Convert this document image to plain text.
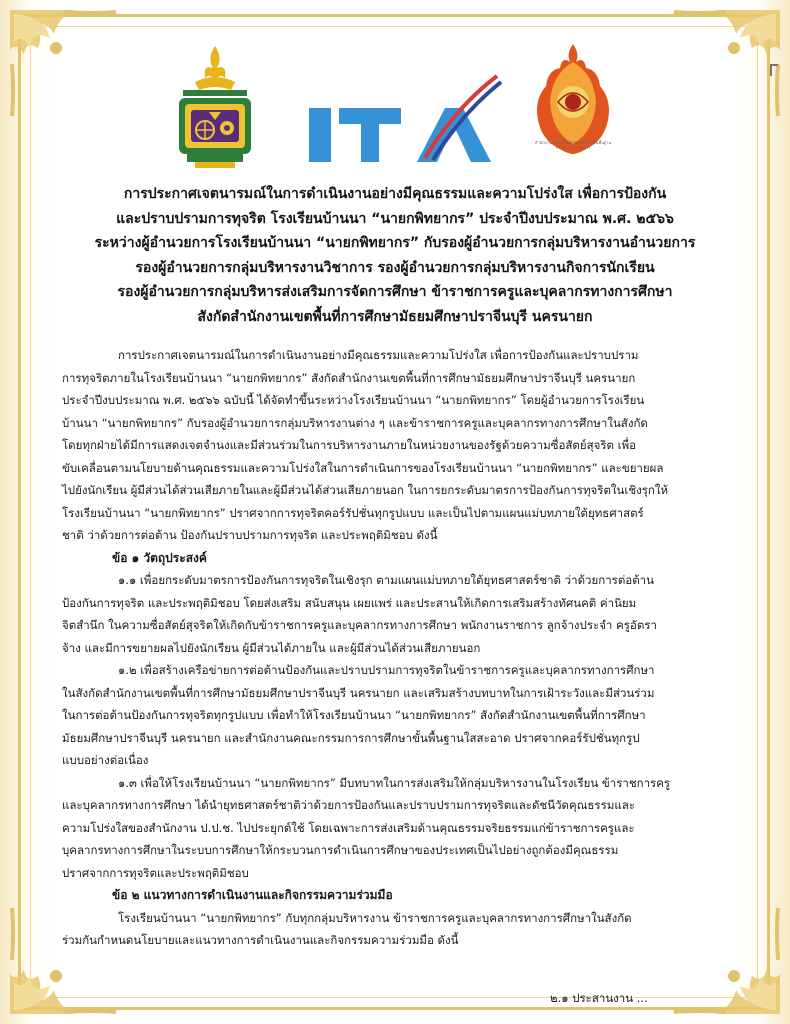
สำนักงานคณะกรรมการการศึกษาขั้นพื้นฐาน กระทรวงศึกษาธิการ
การประกาศเจตนารมณ์ในการดำเนินงานอย่างมีคุณธรรมและความโปร่งใส เพื่อการป้องกัน
และปราบปรามการทุจริต โรงเรียนบ้านนา “นายกพิทยากร” ประจำปีงบประมาณ พ.ศ. ๒๕๖๖
ระหว่างผู้อำนวยการโรงเรียนบ้านนา “นายกพิทยากร” กับรองผู้อำนวยการกลุ่มบริหารงานอำนวยการ
รองผู้อำนวยการกลุ่มบริหารงานวิชาการ รองผู้อำนวยการกลุ่มบริหารงานกิจการนักเรียน
รองผู้อำนวยการกลุ่มบริหารส่งเสริมการจัดการศึกษา ข้าราชการครูและบุคลากรทางการศึกษา
สังกัดสำนักงานเขตพื้นที่การศึกษามัธยมศึกษาปราจีนบุรี นครนายก

การประกาศเจตนารมณ์ในการดำเนินงานอย่างมีคุณธรรมและความโปร่งใส เพื่อการป้องกันและปราบปราม

การทุจริตภายในโรงเรียนบ้านนา “นายกพิทยากร” สังกัดสำนักงานเขตพื้นที่การศึกษามัธยมศึกษาปราจีนบุรี นครนายก

ประจำปีงบประมาณ พ.ศ. ๒๕๖๖ ฉบับนี้ ได้จัดทำขึ้นระหว่างโรงเรียนบ้านนา “นายกพิทยากร” โดยผู้อำนวยการโรงเรียน

บ้านนา “นายกพิทยากร” กับรองผู้อำนวยการกลุ่มบริหารงานต่าง ๆ และข้าราชการครูและบุคลากรทางการศึกษาในสังกัด

โดยทุกฝ่ายได้มีการแสดงเจตจำนงและมีส่วนร่วมในการบริหารงานภายในหน่วยงานของรัฐด้วยความซื่อสัตย์สุจริต เพื่อ

ขับเคลื่อนตามนโยบายด้านคุณธรรมและความโปร่งใสในการดำเนินการของโรงเรียนบ้านนา “นายกพิทยากร” และขยายผล

ไปยังนักเรียน ผู้มีส่วนได้ส่วนเสียภายในและผู้มีส่วนได้ส่วนเสียภายนอก ในการยกระดับมาตรการป้องกันการทุจริตในเชิงรุกให้

โรงเรียนบ้านนา “นายกพิทยากร” ปราศจากการทุจริตคอร์รัปชั่นทุกรูปแบบ และเป็นไปตามแผนแม่บทภายใต้ยุทธศาสตร์

ชาติ ว่าด้วยการต่อต้าน ป้องกันปราบปรามการทุจริต และประพฤติมิชอบ ดังนี้

ข้อ ๑ วัตถุประสงค์

๑.๑ เพื่อยกระดับมาตรการป้องกันการทุจริตในเชิงรุก ตามแผนแม่บทภายใต้ยุทธศาสตร์ชาติ ว่าด้วยการต่อต้าน

ป้องกันการทุจริต และประพฤติมิชอบ โดยส่งเสริม สนับสนุน เผยแพร่ และประสานให้เกิดการเสริมสร้างทัศนคติ ค่านิยม

จิตสำนึก ในความซื่อสัตย์สุจริตให้เกิดกับข้าราชการครูและบุคลากรทางการศึกษา พนักงานราชการ ลูกจ้างประจำ ครูอัตรา

จ้าง และมีการขยายผลไปยังนักเรียน ผู้มีส่วนได้ภายใน และผู้มีส่วนได้ส่วนเสียภายนอก

๑.๒ เพื่อสร้างเครือข่ายการต่อต้านป้องกันและปราบปรามการทุจริตในข้าราชการครูและบุคลากรทางการศึกษา

ในสังกัดสำนักงานเขตพื้นที่การศึกษามัธยมศึกษาปราจีนบุรี นครนายก และเสริมสร้างบทบาทในการเฝ้าระวังและมีส่วนร่วม

ในการต่อต้านป้องกันการทุจริตทุกรูปแบบ เพื่อทำให้โรงเรียนบ้านนา “นายกพิทยากร” สังกัดสำนักงานเขตพื้นที่การศึกษา

มัธยมศึกษาปราจีนบุรี นครนายก และสำนักงานคณะกรรมการการศึกษาขั้นพื้นฐานใสสะอาด ปราศจากคอร์รัปชั่นทุกรูป

แบบอย่างต่อเนื่อง

๑.๓ เพื่อให้โรงเรียนบ้านนา “นายกพิทยากร” มีบทบาทในการส่งเสริมให้กลุ่มบริหารงานในโรงเรียน ข้าราชการครู

และบุคลากรทางการศึกษา ได้นำยุทธศาสตร์ชาติว่าด้วยการป้องกันและปราบปรามการทุจริตและดัชนีวัดคุณธรรมและ

ความโปร่งใสของสำนักงาน ป.ป.ช. ไปประยุกต์ใช้ โดยเฉพาะการส่งเสริมด้านคุณธรรมจริยธรรมแก่ข้าราชการครูและ

บุคลากรทางการศึกษาในระบบการศึกษาให้กระบวนการดำเนินการศึกษาของประเทศเป็นไปอย่างถูกต้องมีคุณธรรม

ปราศจากการทุจริตและประพฤติมิชอบ

ข้อ ๒ แนวทางการดำเนินงานและกิจกรรมความร่วมมือ

โรงเรียนบ้านนา “นายกพิทยากร” กับทุกกลุ่มบริหารงาน ข้าราชการครูและบุคลากรทางการศึกษาในสังกัด

ร่วมกันกำหนดนโยบายและแนวทางการดำเนินงานและกิจกรรมความร่วมมือ ดังนี้

๒.๑ ประสานงาน ...
